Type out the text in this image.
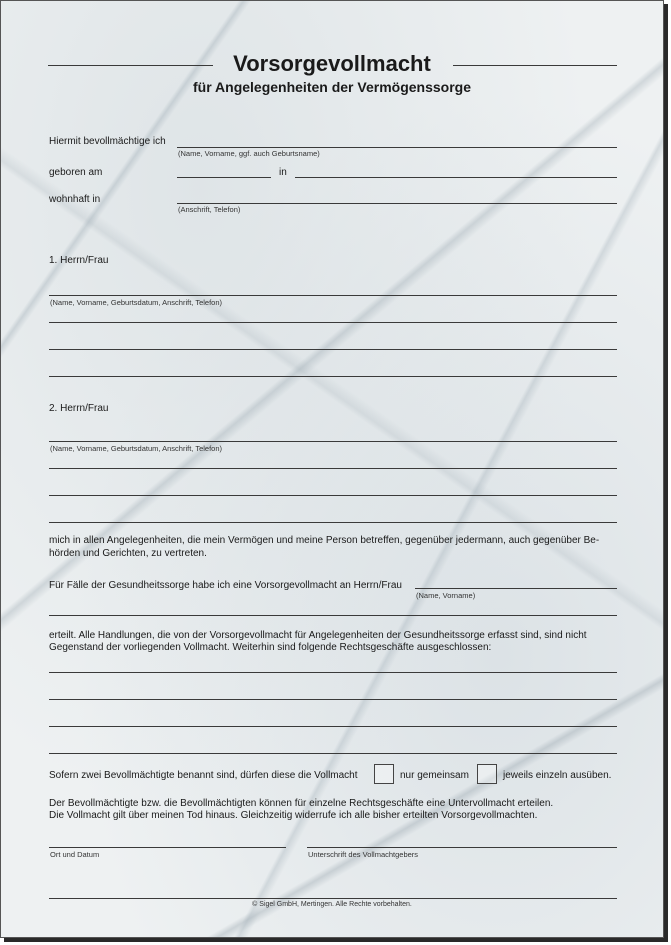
Vorsorgevollmacht
für Angelegenheiten der Vermögenssorge
Hiermit bevollmächtige ich
(Name, Vorname, ggf. auch Geburtsname)
geboren am	in
wohnhaft in
(Anschrift, Telefon)
1. Herrn/Frau
(Name, Vorname, Geburtsdatum, Anschrift, Telefon)
2. Herrn/Frau
(Name, Vorname, Geburtsdatum, Anschrift, Telefon)
mich in allen Angelegenheiten, die mein Vermögen und meine Person betreffen, gegenüber jedermann, auch gegenüber Be-
hörden und Gerichten, zu vertreten.
Für Fälle der Gesundheitssorge habe ich eine Vorsorgevollmacht an Herrn/Frau
(Name, Vorname)
erteilt. Alle Handlungen, die von der Vorsorgevollmacht für Angelegenheiten der Gesundheitssorge erfasst sind, sind nicht
Gegenstand der vorliegenden Vollmacht. Weiterhin sind folgende Rechtsgeschäfte ausgeschlossen:
Sofern zwei Bevollmächtigte benannt sind, dürfen diese die Vollmacht	nur gemeinsam	jeweils einzeln ausüben.
Der Bevollmächtigte bzw. die Bevollmächtigten können für einzelne Rechtsgeschäfte eine Untervollmacht erteilen.
Die Vollmacht gilt über meinen Tod hinaus. Gleichzeitig widerrufe ich alle bisher erteilten Vorsorgevollmachten.
Ort und Datum	Unterschrift des Vollmachtgebers
© Sigel GmbH, Mertingen. Alle Rechte vorbehalten.
